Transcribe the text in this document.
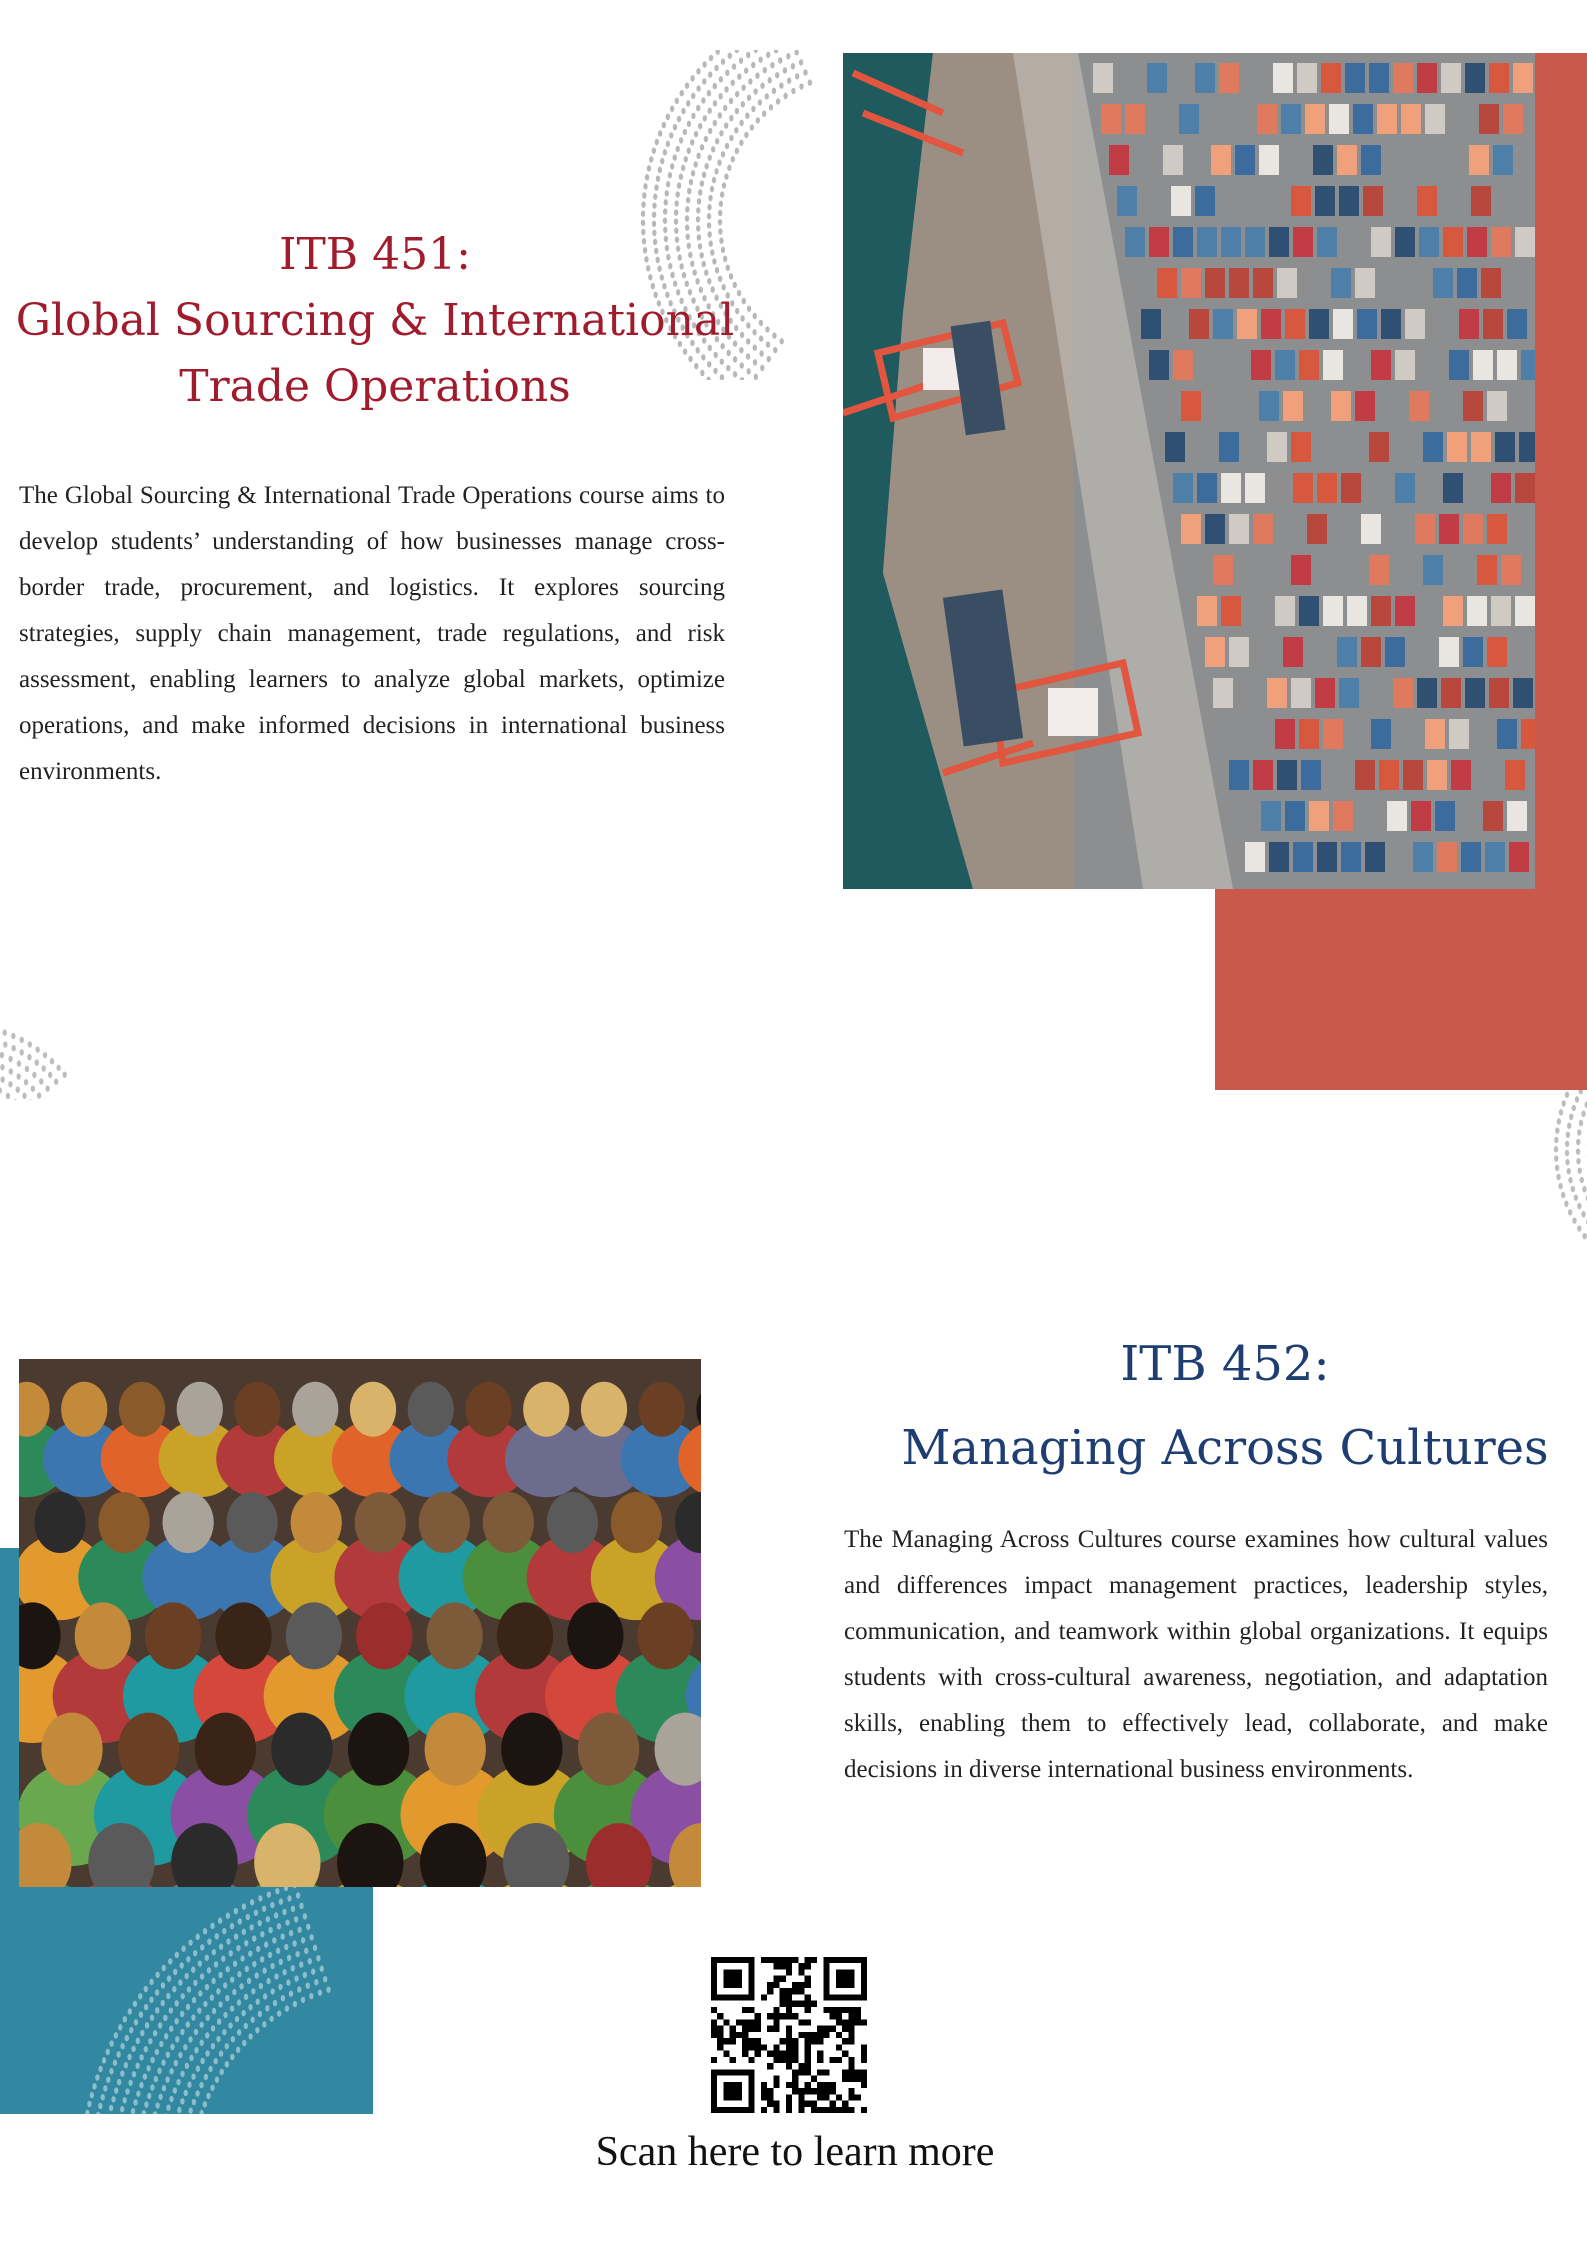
ITB 451:
Global Sourcing & International
Trade Operations

The Global Sourcing & International Trade Operations course aims to develop students’ understanding of how businesses manage cross-border trade, procurement, and logistics. It explores sourcing strategies, supply chain management, trade regulations, and risk assessment, enabling learners to analyze global markets, optimize operations, and make informed decisions in international business environments.

ITB 452:
Managing Across Cultures

The Managing Across Cultures course examines how cultural values and differences impact management practices, leadership styles, communication, and teamwork within global organizations. It equips students with cross-cultural awareness, negotiation, and adaptation skills, enabling them to effectively lead, collaborate, and make decisions in diverse international business environments.

Scan here to learn more
